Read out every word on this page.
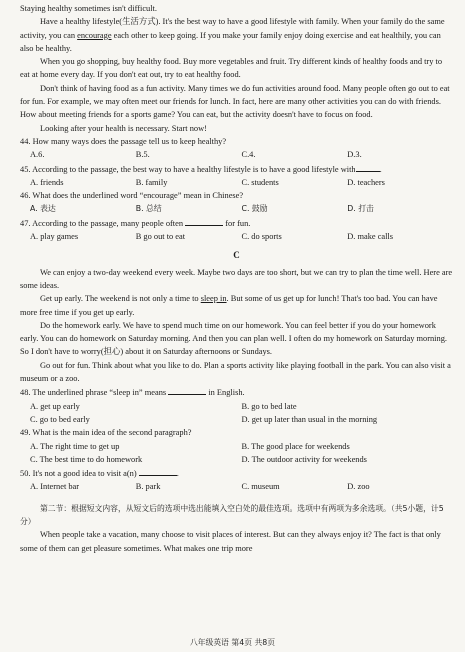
Staying healthy sometimes isn't difficult.

Have a healthy lifestyle(生活方式). It's the best way to have a good lifestyle with family. When your family do the same activity, you can encourage each other to keep going. If you make your family enjoy doing exercise and eat healthily, you can also be healthy.

When you go shopping, buy healthy food. Buy more vegetables and fruit. Try different kinds of healthy foods and try to eat at home every day. If you don't eat out, try to eat healthy food.

Don't think of having food as a fun activity. Many times we do fun activities around food. Many people often go out to eat for fun. For example, we may often meet our friends for lunch. In fact, here are many other activities you can do with friends. How about meeting friends for a sports game? You can eat, but the activity doesn't have to focus on food.

Looking after your health is necessary. Start now!

44. How many ways does the passage tell us to keep healthy?

A.6.	B.5.	C.4.	D.3.

45. According to the passage, the best way to have a healthy lifestyle is to have a good lifestyle with	.

A. friends	B. family	C. students	D. teachers

46. What does the underlined word “encourage” mean in Chinese?

A. 表达	B. 总结	C. 鼓励	D. 打击

47. According to the passage, many people often	for fun.

A. play games	B go out to eat	C. do sports	D. make calls
C

We can enjoy a two-day weekend every week. Maybe two days are too short, but we can try to plan the time well. Here are some ideas.

Get up early. The weekend is not only a time to sleep in. But some of us get up for lunch! That's too bad. You can have more free time if you get up early.

Do the homework early. We have to spend much time on our homework. You can feel better if you do your homework early. You can do homework on Saturday morning. And then you can plan well. I often do my homework on Saturday morning. So I don't have to worry(担心) about it on Saturday afternoons or Sundays.

Go out for fun. Think about what you like to do. Plan a sports activity like playing football in the park. You can also visit a museum or a zoo.

48. The underlined phrase “sleep in” means	in English.

A. get up early	B. go to bed late
C. go to bed early	D. get up later than usual in the morning

49. What is the main idea of the second paragraph?

A. The right time to get up	B. The good place for weekends
C. The best time to do homework	D. The outdoor activity for weekends

50. It's not a good idea to visit a(n)	.

A. Internet bar	B. park	C. museum	D. zoo

第二节：根据短文内容，从短文后的选项中选出能填入空白处的最佳选项。选项中有两项为多余选项。（共5小题，计5分）

When people take a vacation, many choose to visit places of interest. But can they always enjoy it? The fact is that only some of them can get pleasure sometimes. What makes one trip more

八年级英语 第4页 共8页
